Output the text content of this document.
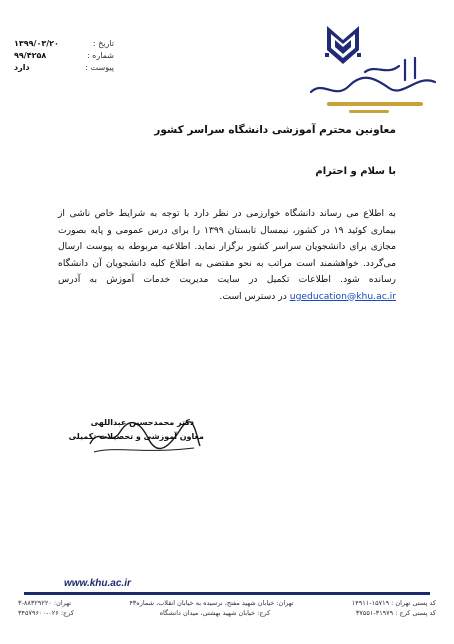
تاریخ :
۱۳۹۹/۰۳/۲۰
شماره :
۹۹/۴۲۵۸
پیوست :
دارد
معاونین محترم آموزشی دانشگاه سراسر کشور
با سلام و احترام
به اطلاع می رساند دانشگاه خوارزمی در نظر دارد با توجه به شرایط خاص ناشی از بیماری کوئید ۱۹ در کشور، نیمسال تابستان ۱۳۹۹ را برای درس عمومی و پایه بصورت مجازی برای دانشجویان سراسر کشور برگزار نماید. اطلاعیه مربوطه به پیوست ارسال می‌گردد. خواهشمند است مراتب به نحو مقتضی به اطلاع کلیه دانشجویان آن دانشگاه رسانده شود. اطلاعات تکمیل در سایت مدیریت خدمات آموزش به آدرس ugeducation@khu.ac.ir در دسترس است.
دکتر محمدحسین عبداللهی
معاون آموزشی و تحصیلات تکمیلی
www.khu.ac.ir
کد پستی تهران : ۱۵۷۱۹-۱۴۹۱۱
تهران: خیابان شهید مفتح، نرسیده به خیابان انقلاب، شماره۴۳
تهران: ۸۸۳۲۹۲۲۰-۳
کد پستی کرج : ۳۱۹۷۹-۳۷۵۵۱
کرج: خیابان شهید بهشتی، میدان دانشگاه
کرج: ۰۲۶-۳۴۵۷۹۶۰۰
